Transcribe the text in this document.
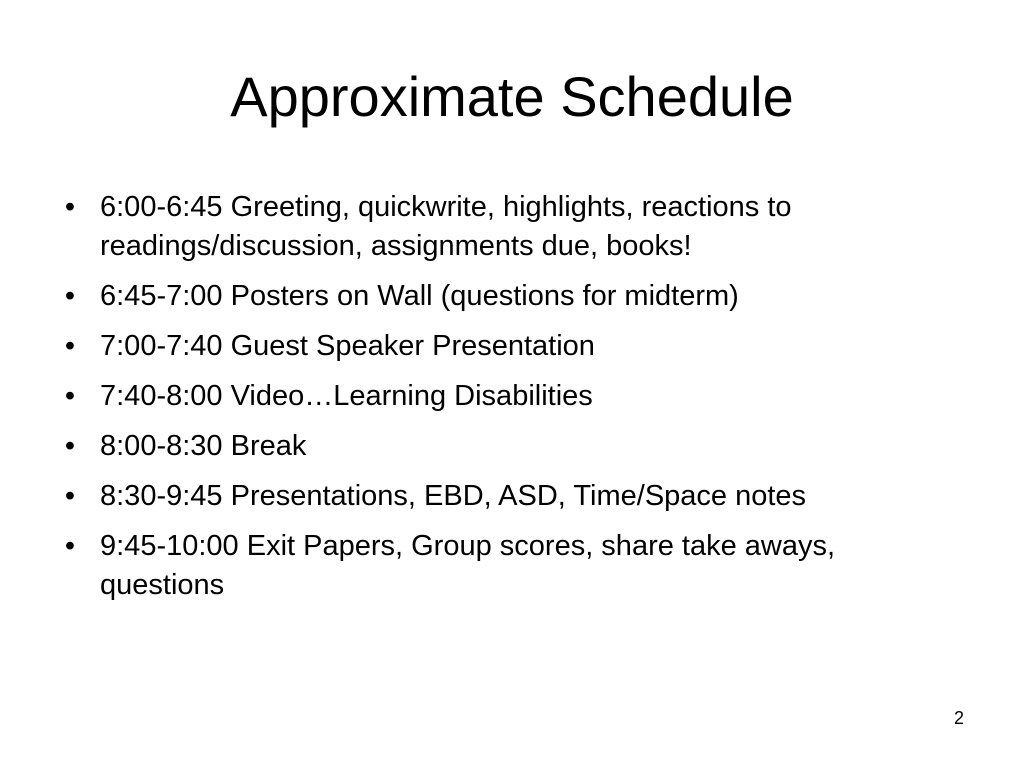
Approximate Schedule
• 6:00-6:45 Greeting, quickwrite, highlights, reactions to readings/discussion, assignments due, books!
• 6:45-7:00 Posters on Wall (questions for midterm)
• 7:00-7:40 Guest Speaker Presentation
• 7:40-8:00 Video…Learning Disabilities
• 8:00-8:30 Break
• 8:30-9:45 Presentations, EBD, ASD, Time/Space notes
• 9:45-10:00 Exit Papers, Group scores, share take aways, questions
2
